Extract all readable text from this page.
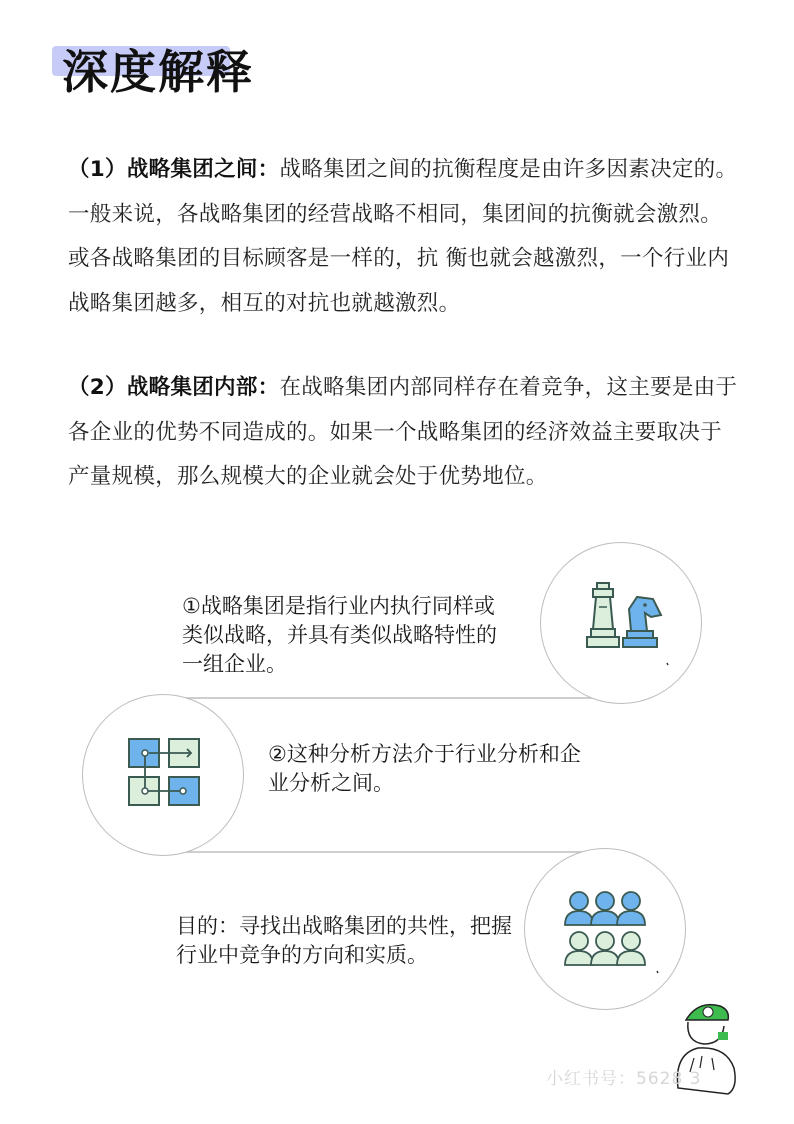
深度解释
（1）战略集团之间：战略集团之间的抗衡程度是由许多因素决定的。一般来说，各战略集团的经营战略不相同，集团间的抗衡就会激烈。或各战略集团的目标顾客是一样的，抗 衡也就会越激烈，一个行业内战略集团越多，相互的对抗也就越激烈。
（2）战略集团内部：在战略集团内部同样存在着竞争，这主要是由于各企业的优势不同造成的。如果一个战略集团的经济效益主要取决于产量规模，那么规模大的企业就会处于优势地位。
①战略集团是指行业内执行同样或类似战略，并具有类似战略特性的一组企业。
②这种分析方法介于行业分析和企业分析之间。
目的：寻找出战略集团的共性，把握行业中竞争的方向和实质。
小红书号：5628 3
